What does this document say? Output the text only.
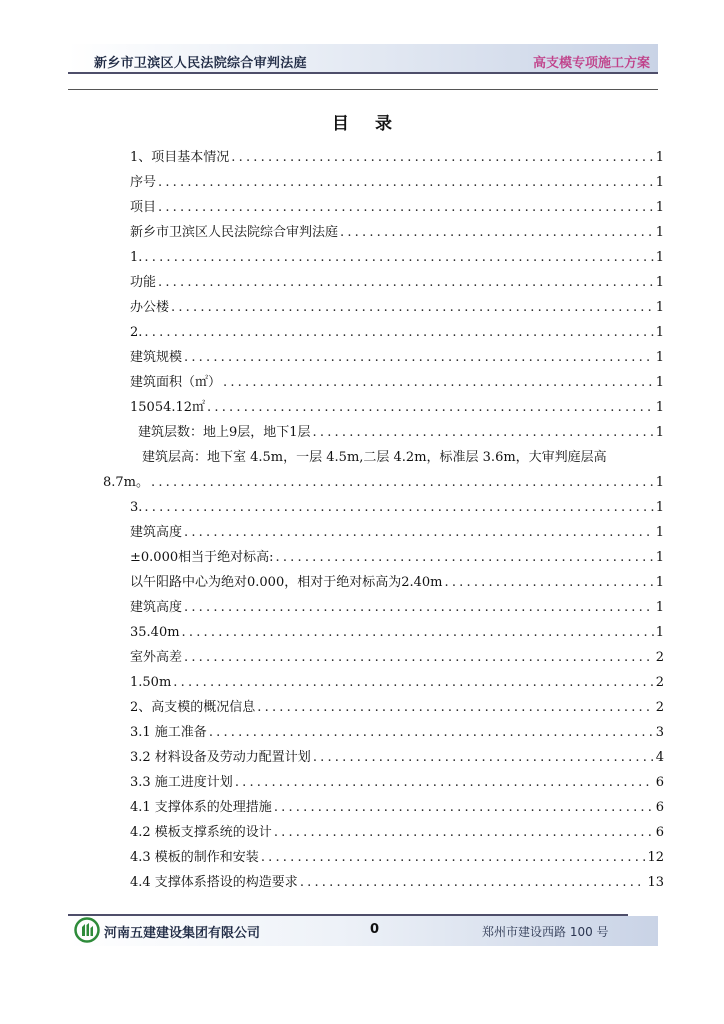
新乡市卫滨区人民法院综合审判法庭	高支模专项施工方案
目 录
1、项目基本情况 .....	1
序号 .....	1
项目 .....	1
新乡市卫滨区人民法院综合审判法庭 .....	1
1. .....	1
功能 .....	1
办公楼 .....	1
2. .....	1
建筑规模 .....	1
建筑面积（㎡） .....	1
15054.12㎡ .....	1
建筑层数：地上9层，地下1层 .....	1
建筑层高：地下室 4.5m，一层 4.5m,二层 4.2m，标准层 3.6m，大审判庭层高
8.7m。 .....	1
3. .....	1
建筑高度 .....	1
±0.000相当于绝对标高: .....	1
以午阳路中心为绝对0.000，相对于绝对标高为2.40m .....	1
建筑高度 .....	1
35.40m .....	1
室外高差 .....	2
1.50m .....	2
2、高支模的概况信息 .....	2
3.1 施工准备 .....	3
3.2 材料设备及劳动力配置计划 .....	4
3.3 施工进度计划 .....	6
4.1 支撑体系的处理措施 .....	6
4.2 模板支撑系统的设计 .....	6
4.3 模板的制作和安装 .....	12
4.4 支撑体系搭设的构造要求 .....	13
河南五建建设集团有限公司	0	郑州市建设西路 100 号
